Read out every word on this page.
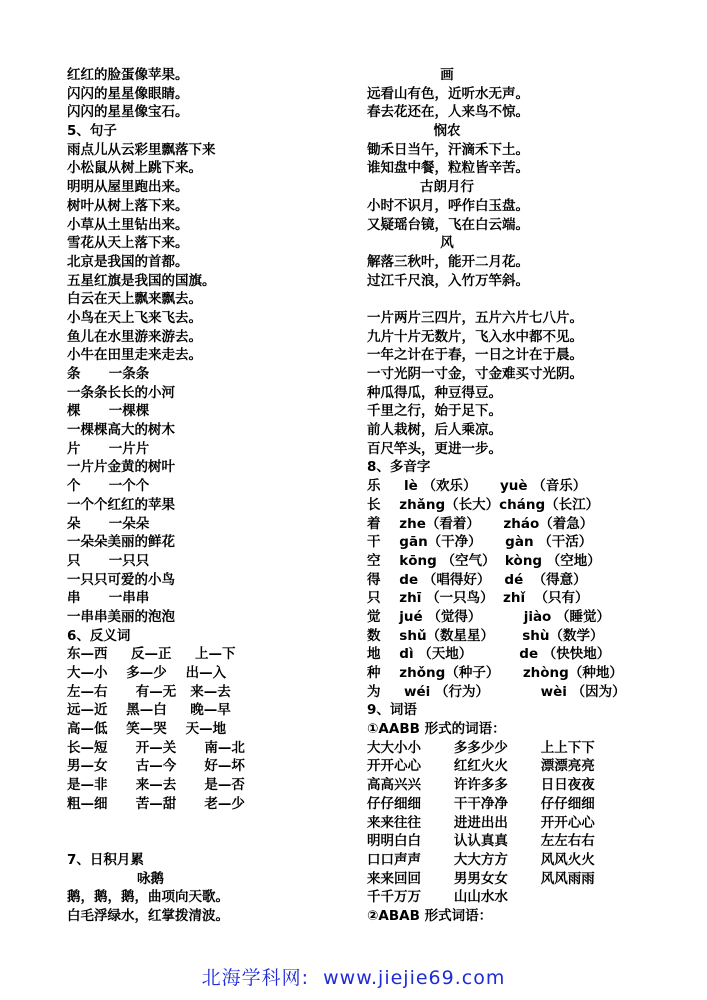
红红的脸蛋像苹果。
闪闪的星星像眼睛。
闪闪的星星像宝石。
5、句子
雨点儿从云彩里飘落下来
小松鼠从树上跳下来。
明明从屋里跑出来。
树叶从树上落下来。
小草从土里钻出来。
雪花从天上落下来。
北京是我国的首都。
五星红旗是我国的国旗。
白云在天上飘来飘去。
小鸟在天上飞来飞去。
鱼儿在水里游来游去。
小牛在田里走来走去。
条      一条条
一条条长长的小河
棵      一棵棵
一棵棵高大的树木
片      一片片
一片片金黄的树叶
个      一个个
一个个红红的苹果
朵      一朵朵
一朵朵美丽的鲜花
只      一只只
一只只可爱的小鸟
串      一串串
一串串美丽的泡泡
6、反义词
东—西     反—正     上—下
大—小    多—少    出—入
左—右      有—无   来—去
远—近    黑—白     晚—早
高—低    笑—哭    天—地
长—短      开—关      南—北
男—女      古—今      好—坏
是—非      来—去      是—否
粗—细      苦—甜      老—少
7、日积月累
咏鹅
鹅，鹅，鹅，曲项向天歌。
白毛浮绿水，红掌拨清波。
画
远看山有色，近听水无声。
春去花还在，人来鸟不惊。
悯农
锄禾日当午，汗滴禾下土。
谁知盘中餐，粒粒皆辛苦。
古朗月行
小时不识月，呼作白玉盘。
又疑瑶台镜，飞在白云端。
风
解落三秋叶，能开二月花。
过江千尺浪，入竹万竿斜。
一片两片三四片，五片六片七八片。
九片十片无数片，飞入水中都不见。
一年之计在于春，一日之计在于晨。
一寸光阴一寸金，寸金难买寸光阴。
种瓜得瓜，种豆得豆。
千里之行，始于足下。
前人栽树，后人乘凉。
百尺竿头，更进一步。
8、多音字
乐     lè （欢乐）     yuè （音乐）
长    zhǎng（长大）cháng（长江）
着    zhe（看着）     zháo（着急）
干    gān（干净）     gàn （干活）
空    kōng （空气）  kòng （空地）
得    de （唱得好）   dé  （得意）
只    zhī （一只鸟）  zhǐ  （只有）
觉    jué （觉得）         jiào （睡觉）
数    shǔ（数星星）      shù（数学）
地    dì （天地）          de （快快地）
种    zhǒng（种子）     zhòng（种地）
为     wéi （行为）           wèi （因为）
9、词语
①AABB 形式的词语：
大大小小       多多少少       上上下下
开开心心       红红火火       漂漂亮亮
高高兴兴       许许多多       日日夜夜
仔仔细细       干干净净       仔仔细细
来来往往       进进出出       开开心心
明明白白       认认真真       左左右右
口口声声       大大方方       风风火火
来来回回       男男女女       风风雨雨
千千万万       山山水水
②ABAB 形式词语：
北海学科网:  www.jiejie69.com
